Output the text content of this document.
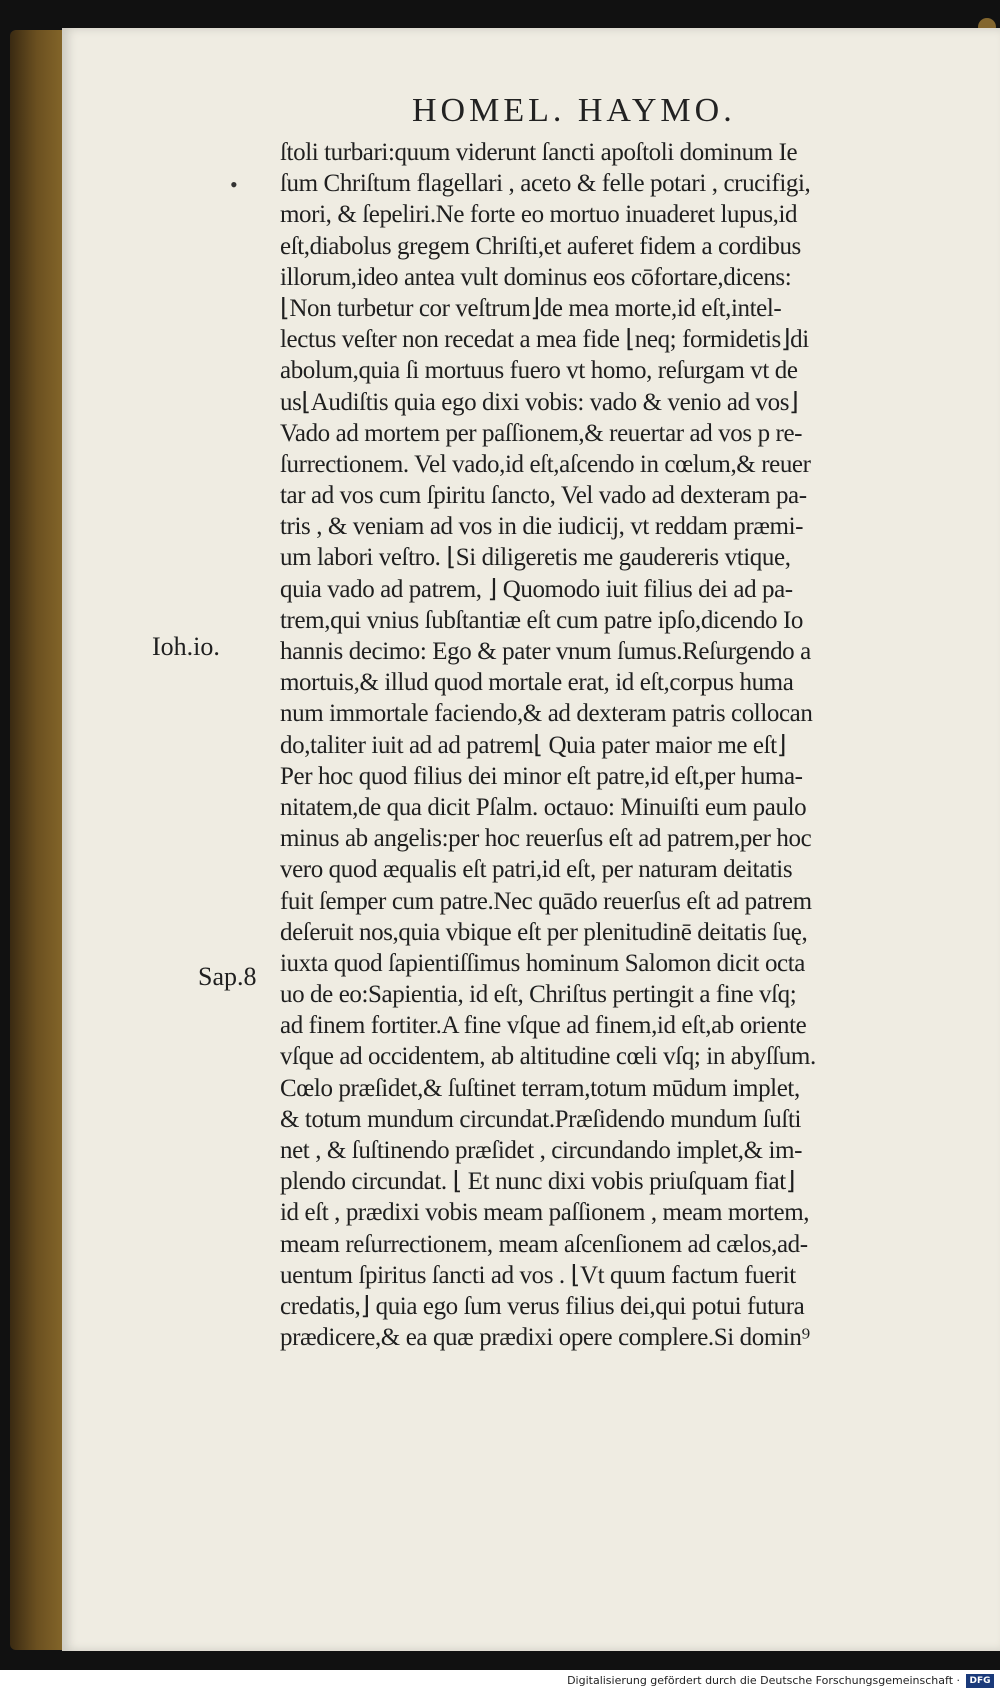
HOMEL. HAYMO.
•
Ioh.io.
Sap.8
ſtoli turbari:quum viderunt ſancti apoſtoli dominum Ie
ſum Chriſtum flagellari , aceto & felle potari , crucifigi,
mori, & ſepeliri.Ne forte eo mortuo inuaderet lupus,id
eſt,diabolus gregem Chriſti,et auferet fidem a cordibus
illorum,ideo antea vult dominus eos cōfortare,dicens:
⌊Non turbetur cor veſtrum⌋de mea morte,id eſt,intel-
lectus veſter non recedat a mea fide ⌊neq; formidetis⌋di
abolum,quia ſi mortuus fuero vt homo, reſurgam vt de
us⌊Audiſtis quia ego dixi vobis: vado & venio ad vos⌋
Vado ad mortem per paſſionem,& reuertar ad vos p re-
ſurrectionem. Vel vado,id eſt,aſcendo in cœlum,& reuer
tar ad vos cum ſpiritu ſancto, Vel vado ad dexteram pa-
tris , & veniam ad vos in die iudicij, vt reddam præmi-
um labori veſtro. ⌊Si diligeretis me gaudereris vtique,
quia vado ad patrem, ⌋ Quomodo iuit filius dei ad pa-
trem,qui vnius ſubſtantiæ eſt cum patre ipſo,dicendo Io
hannis decimo: Ego & pater vnum ſumus.Reſurgendo a
mortuis,& illud quod mortale erat, id eſt,corpus huma
num immortale faciendo,& ad dexteram patris collocan
do,taliter iuit ad ad patrem⌊ Quia pater maior me eſt⌋
Per hoc quod filius dei minor eſt patre,id eſt,per huma-
nitatem,de qua dicit Pſalm. octauo: Minuiſti eum paulo
minus ab angelis:per hoc reuerſus eſt ad patrem,per hoc
vero quod æqualis eſt patri,id eſt, per naturam deitatis
fuit ſemper cum patre.Nec quādo reuerſus eſt ad patrem
deſeruit nos,quia vbique eſt per plenitudinē deitatis ſuę,
iuxta quod ſapientiſſimus hominum Salomon dicit octa
uo de eo:Sapientia, id eſt, Chriſtus pertingit a fine vſq;
ad finem fortiter.A fine vſque ad finem,id eſt,ab oriente
vſque ad occidentem, ab altitudine cœli vſq; in abyſſum.
Cœlo præſidet,& ſuſtinet terram,totum mūdum implet,
& totum mundum circundat.Præſidendo mundum ſuſti
net , & ſuſtinendo præſidet , circundando implet,& im-
plendo circundat. ⌊ Et nunc dixi vobis priuſquam fiat⌋
id eſt , prædixi vobis meam paſſionem , meam mortem,
meam reſurrectionem, meam aſcenſionem ad cælos,ad-
uentum ſpiritus ſancti ad vos . ⌊Vt quum factum fuerit
credatis,⌋ quia ego ſum verus filius dei,qui potui futura
prædicere,& ea quæ prædixi opere complere.Si domin⁹
Digitalisierung gefördert durch die Deutsche Forschungsgemeinschaft ·	DFG
